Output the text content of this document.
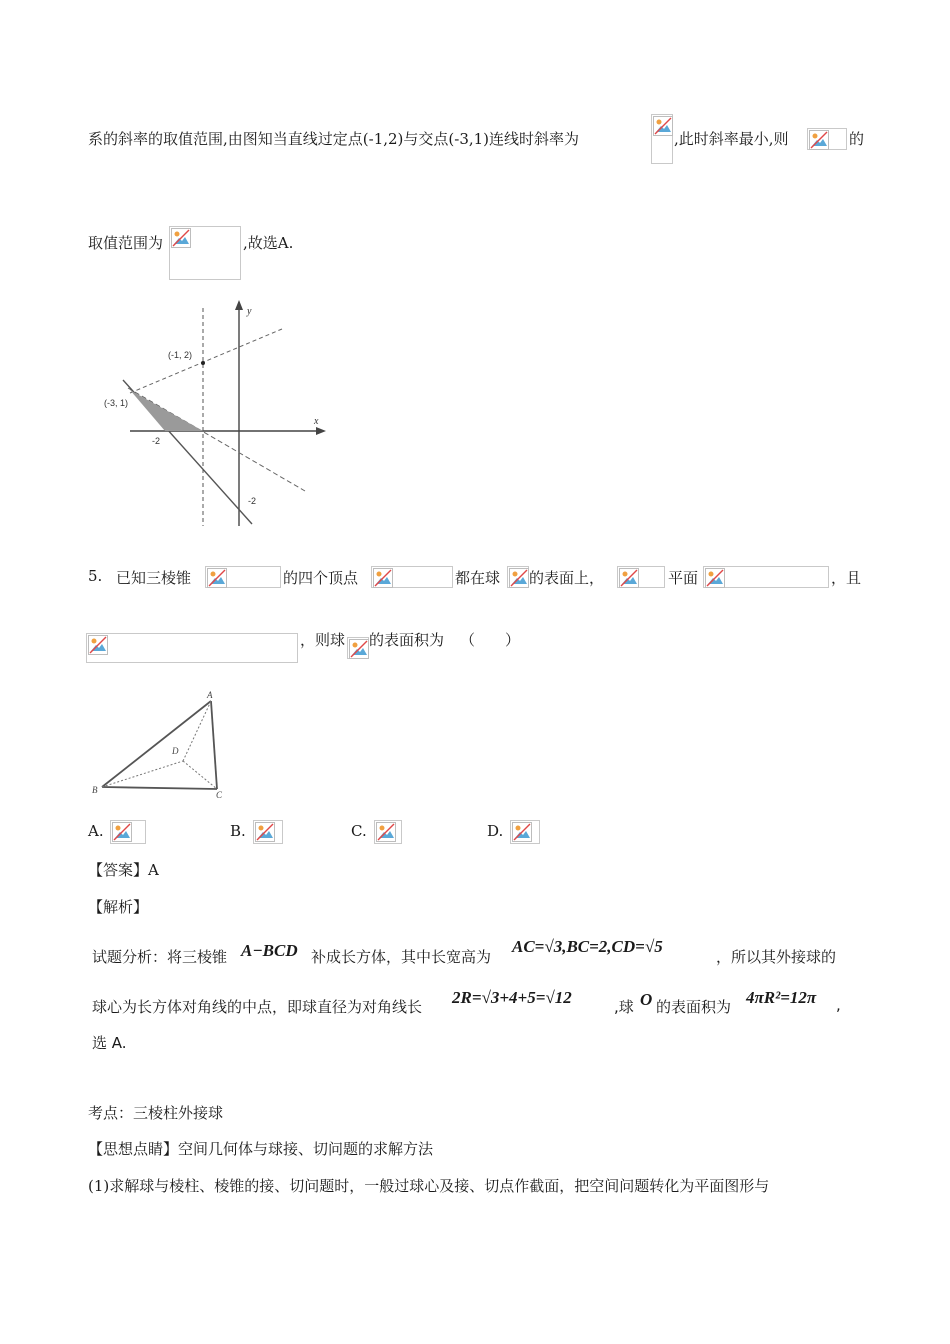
系的斜率的取值范围,由图知当直线过定点(-1,2)与交点(-3,1)连线时斜率为	,此时斜率最小,则	的
取值范围为	,故选A.
y
x
(-1, 2)
(-3, 1)
-2
-2
5. 已知三棱锥	的四个顶点	都在球 的表面上，	平面	，且
，则球 的表面积为 （　　）
A
B	C
D
A.	B.	C.	D.
【答案】A
【解析】
试题分析：将三棱锥 A−BCD 补成长方体，其中长宽高为
AC=√3,BC=2,CD=√5
，所以其外接球的
球心为长方体对角线的中点，即球直径为对角线长 2R=√3+4+5=√12	,球 O 的表面积为 4πR²=12π ,
选 A.
考点：三棱柱外接球
【思想点睛】空间几何体与球接、切问题的求解方法
(1)求解球与棱柱、棱锥的接、切问题时，一般过球心及接、切点作截面，把空间问题转化为平面图形与
